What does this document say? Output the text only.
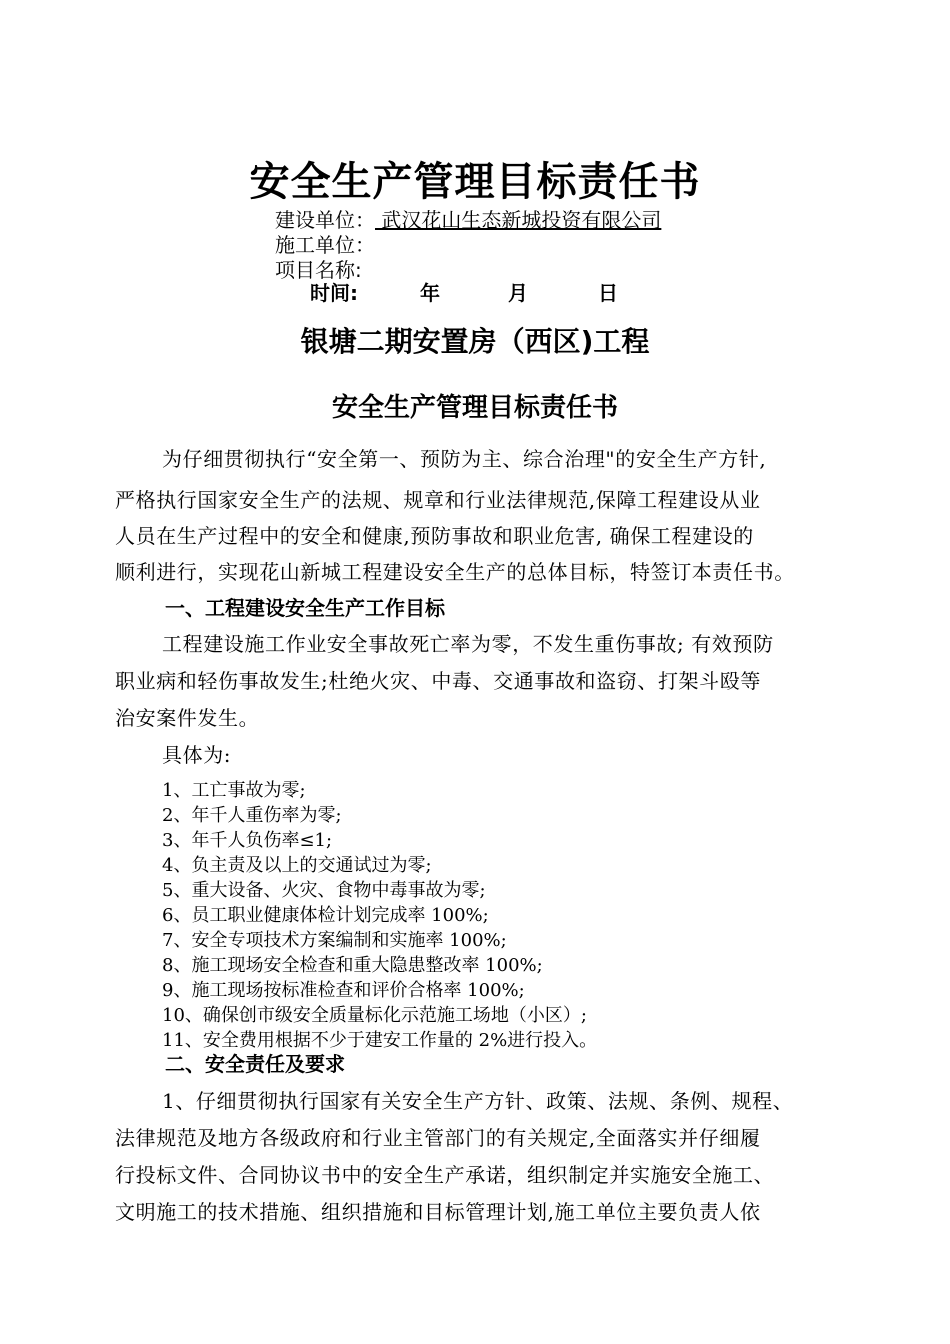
安全生产管理目标责任书
建设单位： 武汉花山生态新城投资有限公司
施工单位：
项目名称:
时间:	年	月	日
银塘二期安置房（西区)工程
安全生产管理目标责任书
为仔细贯彻执行“安全第一、预防为主、综合治理"的安全生产方针,
严格执行国家安全生产的法规、规章和行业法律规范,保障工程建设从业
人员在生产过程中的安全和健康,预防事故和职业危害, 确保工程建设的
顺利进行，实现花山新城工程建设安全生产的总体目标，特签订本责任书。
一、工程建设安全生产工作目标
工程建设施工作业安全事故死亡率为零，不发生重伤事故; 有效预防
职业病和轻伤事故发生;杜绝火灾、中毒、交通事故和盗窃、打架斗殴等
治安案件发生。
具体为:
1、工亡事故为零;
2、年千人重伤率为零;
3、年千人负伤率≤1;
4、负主责及以上的交通试过为零;
5、重大设备、火灾、食物中毒事故为零;
6、员工职业健康体检计划完成率 100%;
7、安全专项技术方案编制和实施率 100%;
8、施工现场安全检查和重大隐患整改率 100%;
9、施工现场按标准检查和评价合格率 100%;
10、确保创市级安全质量标化示范施工场地（小区）;
11、安全费用根据不少于建安工作量的 2%进行投入。
二、安全责任及要求
1、仔细贯彻执行国家有关安全生产方针、政策、法规、条例、规程、
法律规范及地方各级政府和行业主管部门的有关规定,全面落实并仔细履
行投标文件、合同协议书中的安全生产承诺，组织制定并实施安全施工、
文明施工的技术措施、组织措施和目标管理计划,施工单位主要负责人依
